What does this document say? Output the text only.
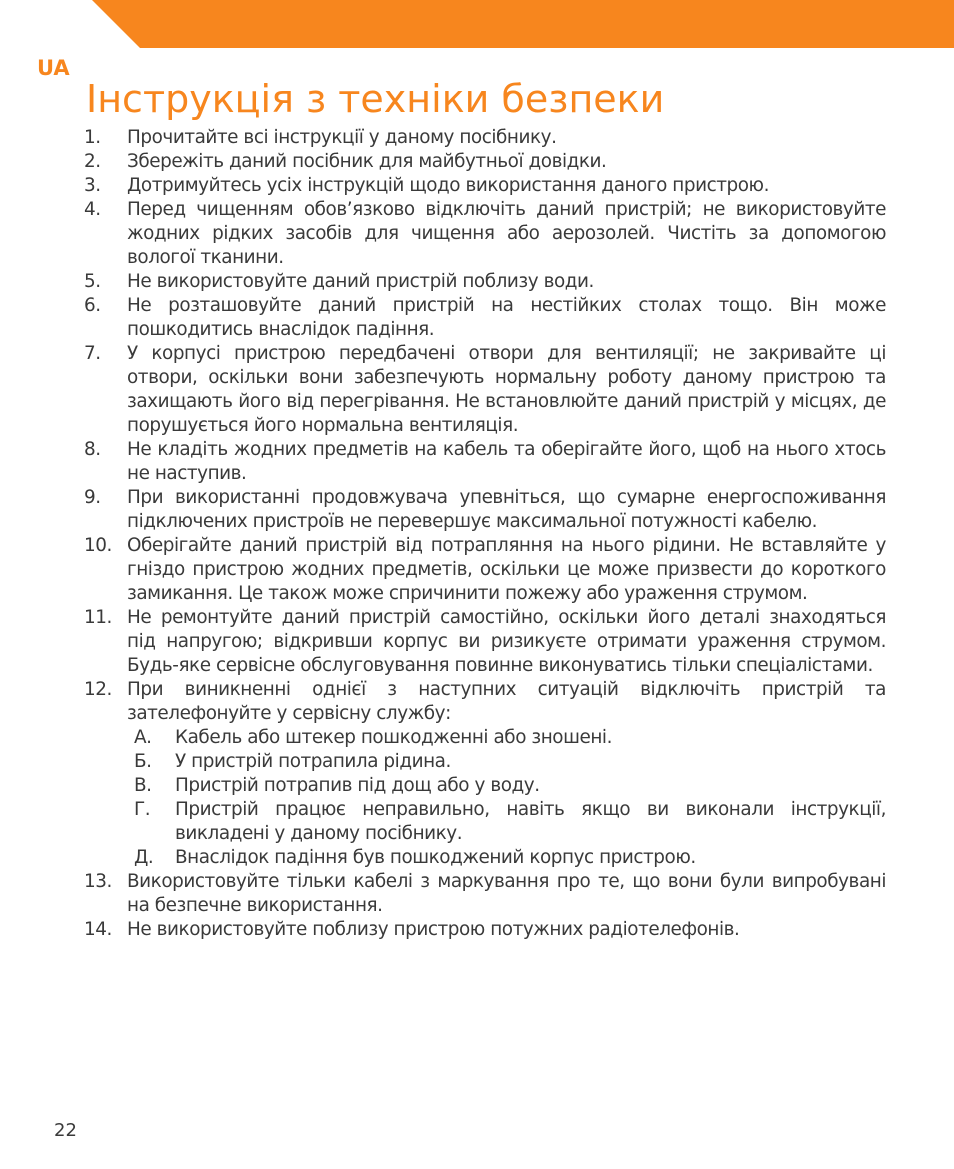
UA
Інструкція з техніки безпеки
1.	Прочитайте всі інструкції у даному посібнику.
2.	Збережіть даний посібник для майбутньої довідки.
3.	Дотримуйтесь усіх інструкцій щодо використання даного пристрою.
4.	Перед чищенням обов’язково відключіть даний пристрій; не використовуйте жодних рідких засобів для чищення або аерозолей. Чистіть за допомогою вологої тканини.
5.	Не використовуйте даний пристрій поблизу води.
6.	Не розташовуйте даний пристрій на нестійких столах тощо. Він може пошкодитись внаслідок падіння.
7.	У корпусі пристрою передбачені отвори для вентиляції; не закривайте ці отвори, оскільки вони забезпечують нормальну роботу даному пристрою та захищають його від перегрівання. Не встановлюйте даний пристрій у місцях, де порушується його нормальна вентиляція.
8.	Не кладіть жодних предметів на кабель та оберігайте його, щоб на нього хтось не наступив.
9.	При використанні продовжувача упевніться, що сумарне енергоспоживання підключених пристроїв не перевершує максимальної потужності кабелю.
10. Оберігайте даний пристрій від потрапляння на нього рідини. Не вставляйте у гніздо пристрою жодних предметів, оскільки це може призвести до короткого замикання. Це також може спричинити пожежу або ураження струмом.
11. Не ремонтуйте даний пристрій самостійно, оскільки його деталі знаходяться під напругою; відкривши корпус ви ризикуєте отримати ураження струмом. Будь-яке сервісне обслуговування повинне виконуватись тільки спеціалістами.
12. При виникненні однієї з наступних ситуацій відключіть пристрій та зателефонуйте у сервісну службу:
А.	Кабель або штекер пошкодженні або зношені.
Б.	У пристрій потрапила рідина.
В.	Пристрій потрапив під дощ або у воду.
Г.	Пристрій працює неправильно, навіть якщо ви виконали інструкції, викладені у даному посібнику.
Д.	Внаслідок падіння був пошкоджений корпус пристрою.
13. Використовуйте тільки кабелі з маркування про те, що вони були випробувані на безпечне використання.
14. Не використовуйте поблизу пристрою потужних радіотелефонів.
22
